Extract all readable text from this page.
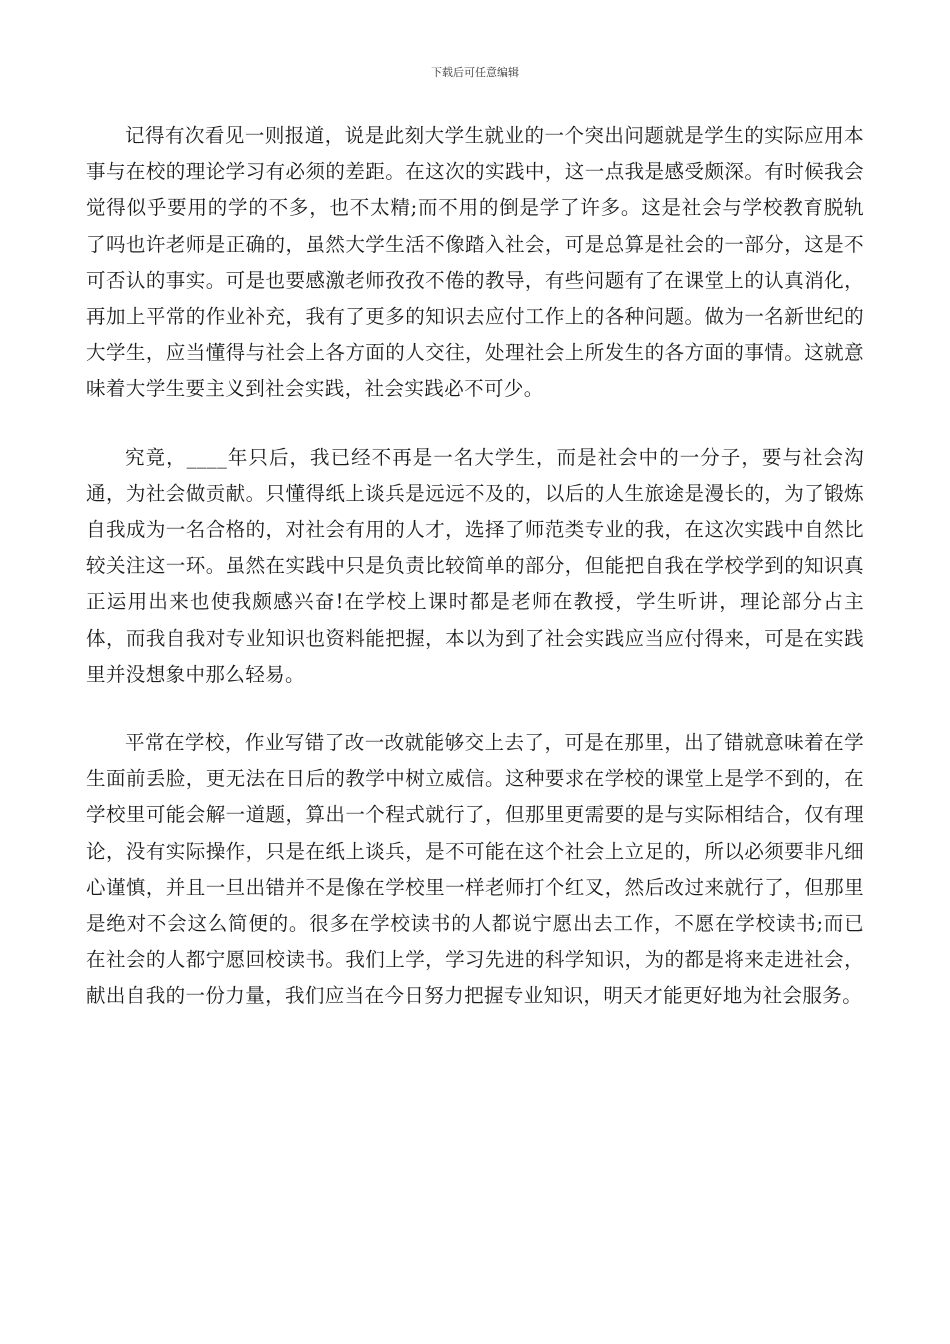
下载后可任意编辑

记得有次看见一则报道，说是此刻大学生就业的一个突出问题就是学生的实际应用本事与在校的理论学习有必须的差距。在这次的实践中，这一点我是感受颇深。有时候我会觉得似乎要用的学的不多，也不太精;而不用的倒是学了许多。这是社会与学校教育脱轨了吗也许老师是正确的，虽然大学生活不像踏入社会，可是总算是社会的一部分，这是不可否认的事实。可是也要感激老师孜孜不倦的教导，有些问题有了在课堂上的认真消化，再加上平常的作业补充，我有了更多的知识去应付工作上的各种问题。做为一名新世纪的大学生，应当懂得与社会上各方面的人交往，处理社会上所发生的各方面的事情。这就意味着大学生要主义到社会实践，社会实践必不可少。

究竟，____年只后，我已经不再是一名大学生，而是社会中的一分子，要与社会沟通，为社会做贡献。只懂得纸上谈兵是远远不及的，以后的人生旅途是漫长的，为了锻炼自我成为一名合格的，对社会有用的人才，选择了师范类专业的我，在这次实践中自然比较关注这一环。虽然在实践中只是负责比较简单的部分，但能把自我在学校学到的知识真正运用出来也使我颇感兴奋!在学校上课时都是老师在教授，学生听讲，理论部分占主体，而我自我对专业知识也资料能把握，本以为到了社会实践应当应付得来，可是在实践里并没想象中那么轻易。

平常在学校，作业写错了改一改就能够交上去了，可是在那里，出了错就意味着在学生面前丢脸，更无法在日后的教学中树立威信。这种要求在学校的课堂上是学不到的，在学校里可能会解一道题，算出一个程式就行了，但那里更需要的是与实际相结合，仅有理论，没有实际操作，只是在纸上谈兵，是不可能在这个社会上立足的，所以必须要非凡细心谨慎，并且一旦出错并不是像在学校里一样老师打个红叉，然后改过来就行了，但那里是绝对不会这么简便的。很多在学校读书的人都说宁愿出去工作，不愿在学校读书;而已在社会的人都宁愿回校读书。我们上学，学习先进的科学知识，为的都是将来走进社会，献出自我的一份力量，我们应当在今日努力把握专业知识，明天才能更好地为社会服务。
